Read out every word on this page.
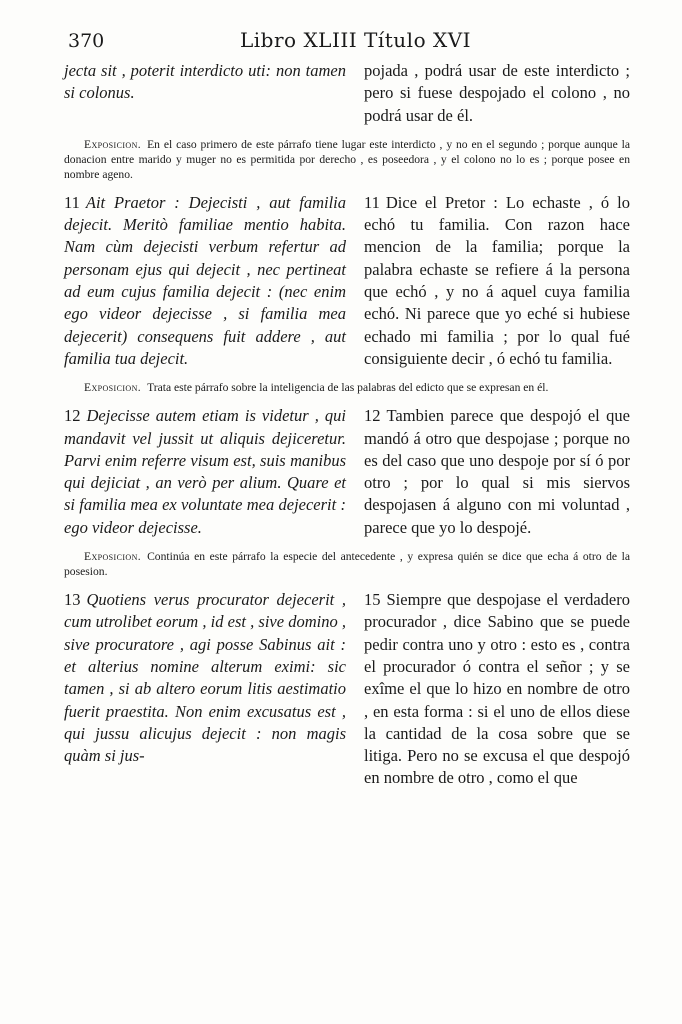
370	Libro XLIII Título XVI
jecta sit , poterit interdicto uti: non tamen si colonus.
pojada , podrá usar de este interdicto ; pero si fuese despojado el colono , no podrá usar de él.
Exposicion. En el caso primero de este párrafo tiene lugar este interdicto , y no en el segundo ; porque aunque la donacion entre marido y muger no es permitida por derecho , es poseedora , y el colono no lo es ; porque posee en nombre ageno.
11 Ait Praetor : Dejecisti , aut familia dejecit. Meritò familiae mentio habita. Nam cùm dejecisti verbum refertur ad personam ejus qui dejecit , nec pertineat ad eum cujus familia dejecit : (nec enim ego videor dejecisse , si familia mea dejecerit) consequens fuit addere , aut familia tua dejecit.
11 Dice el Pretor : Lo echaste , ó lo echó tu familia. Con razon hace mencion de la familia; porque la palabra echaste se refiere á la persona que echó , y no á aquel cuya familia echó. Ni parece que yo eché si hubiese echado mi familia ; por lo qual fué consiguiente decir , ó echó tu familia.
Exposicion. Trata este párrafo sobre la inteligencia de las palabras del edicto que se expresan en él.
12 Dejecisse autem etiam is videtur , qui mandavit vel jussit ut aliquis dejiceretur. Parvi enim referre visum est, suis manibus qui dejiciat , an verò per alium. Quare et si familia mea ex voluntate mea dejecerit : ego videor dejecisse.
12 Tambien parece que despojó el que mandó á otro que despojase ; porque no es del caso que uno despoje por sí ó por otro ; por lo qual si mis siervos despojasen á alguno con mi voluntad , parece que yo lo despojé.
Exposicion. Continúa en este párrafo la especie del antecedente , y expresa quién se dice que echa á otro de la posesion.
13 Quotiens verus procurator dejecerit , cum utrolibet eorum , id est , sive domino , sive procuratore , agi posse Sabinus ait : et alterius nomine alterum eximi: sic tamen , si ab altero eorum litis aestimatio fuerit praestita. Non enim excusatus est , qui jussu alicujus dejecit : non magis quàm si jus-
15 Siempre que despojase el verdadero procurador , dice Sabino que se puede pedir contra uno y otro : esto es , contra el procurador ó contra el señor ; y se exîme el que lo hizo en nombre de otro , en esta forma : si el uno de ellos diese la cantidad de la cosa sobre que se litiga. Pero no se excusa el que despojó en nombre de otro , como el que
